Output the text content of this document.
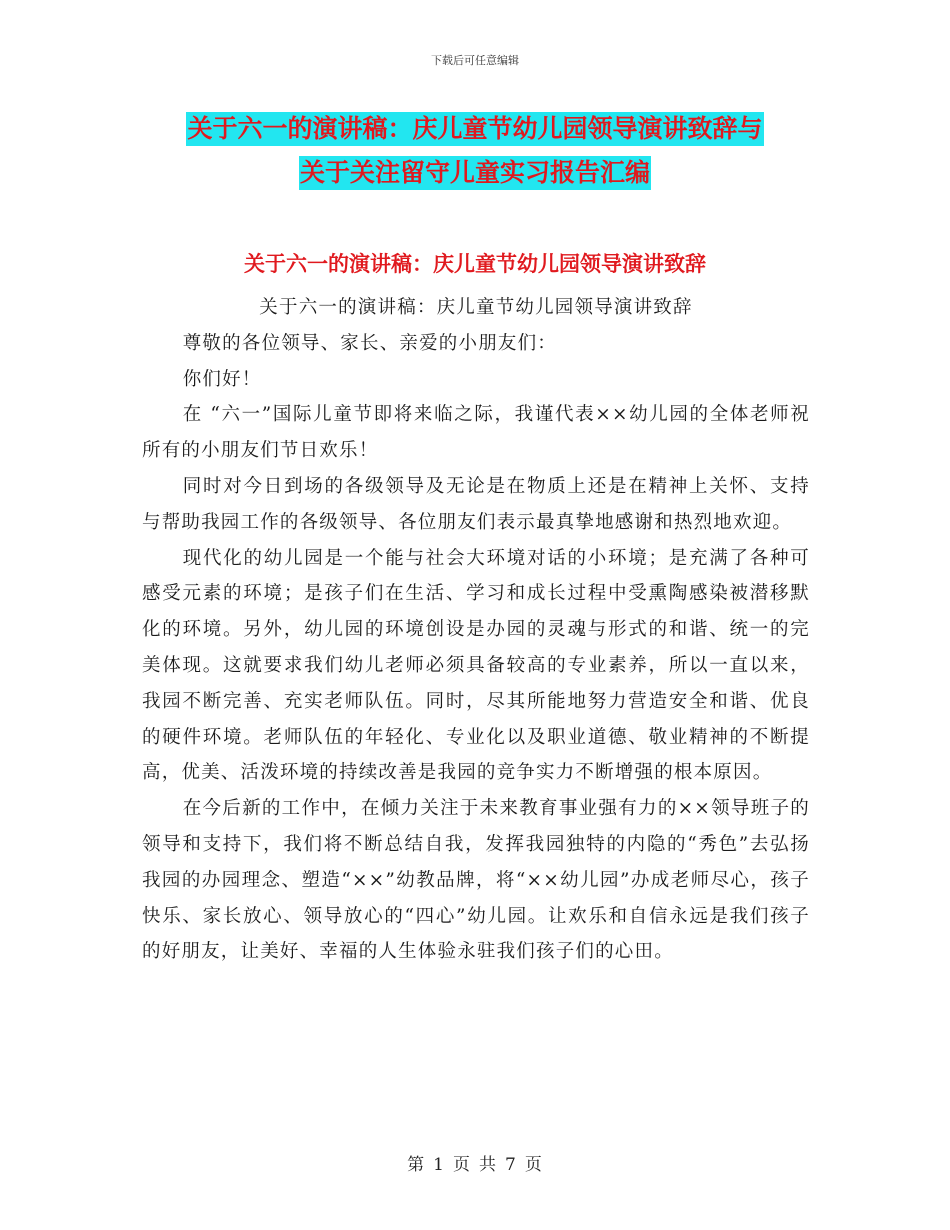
下载后可任意编辑
关于六一的演讲稿：庆儿童节幼儿园领导演讲致辞与
关于关注留守儿童实习报告汇编
关于六一的演讲稿：庆儿童节幼儿园领导演讲致辞

关于六一的演讲稿：庆儿童节幼儿园领导演讲致辞

尊敬的各位领导、家长、亲爱的小朋友们：

你们好！

在 “六一”国际儿童节即将来临之际，我谨代表××幼儿园的全体老师祝所有的小朋友们节日欢乐！

同时对今日到场的各级领导及无论是在物质上还是在精神上关怀、支持与帮助我园工作的各级领导、各位朋友们表示最真挚地感谢和热烈地欢迎。

现代化的幼儿园是一个能与社会大环境对话的小环境；是充满了各种可感受元素的环境；是孩子们在生活、学习和成长过程中受熏陶感染被潜移默化的环境。另外，幼儿园的环境创设是办园的灵魂与形式的和谐、统一的完美体现。这就要求我们幼儿老师必须具备较高的专业素养，所以一直以来，我园不断完善、充实老师队伍。同时，尽其所能地努力营造安全和谐、优良的硬件环境。老师队伍的年轻化、专业化以及职业道德、敬业精神的不断提高，优美、活泼环境的持续改善是我园的竞争实力不断增强的根本原因。

在今后新的工作中，在倾力关注于未来教育事业强有力的××领导班子的领导和支持下，我们将不断总结自我，发挥我园独特的内隐的“秀色”去弘扬我园的办园理念、塑造“××”幼教品牌，将“××幼儿园”办成老师尽心，孩子快乐、家长放心、领导放心的“四心”幼儿园。让欢乐和自信永远是我们孩子的好朋友，让美好、幸福的人生体验永驻我们孩子们的心田。

第 1 页 共 7 页
